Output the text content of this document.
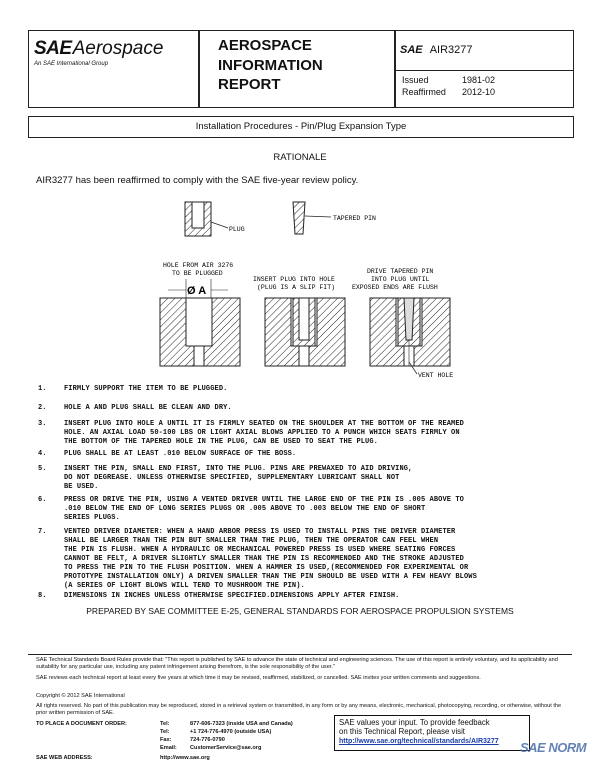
SAEAerospace
An SAE International Group
AEROSPACE
INFORMATION
REPORT
SAE AIR3277
Issued	1981-02
Reaffirmed 2012-10
Installation Procedures - Pin/Plug Expansion Type
RATIONALE
AIR3277 has been reaffirmed to comply with the SAE five-year review policy.
PLUG
TAPERED PIN
HOLE FROM AIR 3276
TO BE PLUGGED
Ø A
INSERT PLUG INTO HOLE
(PLUG IS A SLIP FIT)
DRIVE TAPERED PIN
INTO PLUG UNTIL
EXPOSED ENDS ARE FLUSH
VENT HOLE
1. FIRMLY SUPPORT THE ITEM TO BE PLUGGED.
2. HOLE A AND PLUG SHALL BE CLEAN AND DRY.
3. INSERT PLUG INTO HOLE A UNTIL IT IS FIRMLY SEATED ON THE SHOULDER AT THE BOTTOM OF THE REAMED
HOLE. AN AXIAL LOAD 50-100 LBS OR LIGHT AXIAL BLOWS APPLIED TO A PUNCH WHICH SEATS FIRMLY ON
THE BOTTOM OF THE TAPERED HOLE IN THE PLUG, CAN BE USED TO SEAT THE PLUG.
4. PLUG SHALL BE AT LEAST .010 BELOW SURFACE OF THE BOSS.
5. INSERT THE PIN, SMALL END FIRST, INTO THE PLUG. PINS ARE PREWAXED TO AID DRIVING,
DO NOT DEGREASE. UNLESS OTHERWISE SPECIFIED, SUPPLEMENTARY LUBRICANT SHALL NOT
BE USED.
6. PRESS OR DRIVE THE PIN, USING A VENTED DRIVER UNTIL THE LARGE END OF THE PIN IS .005 ABOVE TO
.010 BELOW THE END OF LONG SERIES PLUGS OR .005 ABOVE TO .003 BELOW THE END OF SHORT
SERIES PLUGS.
7. VENTED DRIVER DIAMETER: WHEN A HAND ARBOR PRESS IS USED TO INSTALL PINS THE DRIVER DIAMETER
SHALL BE LARGER THAN THE PIN BUT SMALLER THAN THE PLUG, THEN THE OPERATOR CAN FEEL WHEN
THE PIN IS FLUSH. WHEN A HYDRAULIC OR MECHANICAL POWERED PRESS IS USED WHERE SEATING FORCES
CANNOT BE FELT, A DRIVER SLIGHTLY SMALLER THAN THE PIN IS RECOMMENDED AND THE STROKE ADJUSTED
TO PRESS THE PIN TO THE FLUSH POSITION. WHEN A HAMMER IS USED,(RECOMMENDED FOR EXPERIMENTAL OR
PROTOTYPE INSTALLATION ONLY) A DRIVEN SMALLER THAN THE PIN SHOULD BE USED WITH A FEW HEAVY BLOWS
(A SERIES OF LIGHT BLOWS WILL TEND TO MUSHROOM THE PIN).
8. DIMENSIONS IN INCHES UNLESS OTHERWISE SPECIFIED.DIMENSIONS APPLY AFTER FINISH.
PREPARED BY SAE COMMITTEE E-25, GENERAL STANDARDS FOR AEROSPACE PROPULSION SYSTEMS
SAE Technical Standards Board Rules provide that: "This report is published by SAE to advance the state of technical and engineering sciences. The use of this report is entirely voluntary, and its applicability and suitability for any particular use, including any patent infringement arising therefrom, is the sole responsibility of the user."
SAE reviews each technical report at least every five years at which time it may be revised, reaffirmed, stabilized, or cancelled. SAE invites your written comments and suggestions.
Copyright © 2012 SAE International
All rights reserved. No part of this publication may be reproduced, stored in a retrieval system or transmitted, in any form or by any means, electronic, mechanical, photocopying, recording, or otherwise, without the prior written permission of SAE.
TO PLACE A DOCUMENT ORDER:	Tel:	877-606-7323 (inside USA and Canada)
Tel:	+1 724-776-4970 (outside USA)
Fax:	724-776-0790
Email: CustomerService@sae.org
SAE WEB ADDRESS:	http://www.sae.org
SAE values your input. To provide feedback
on this Technical Report, please visit
http://www.sae.org/technical/standards/AIR3277 SAE NORM
